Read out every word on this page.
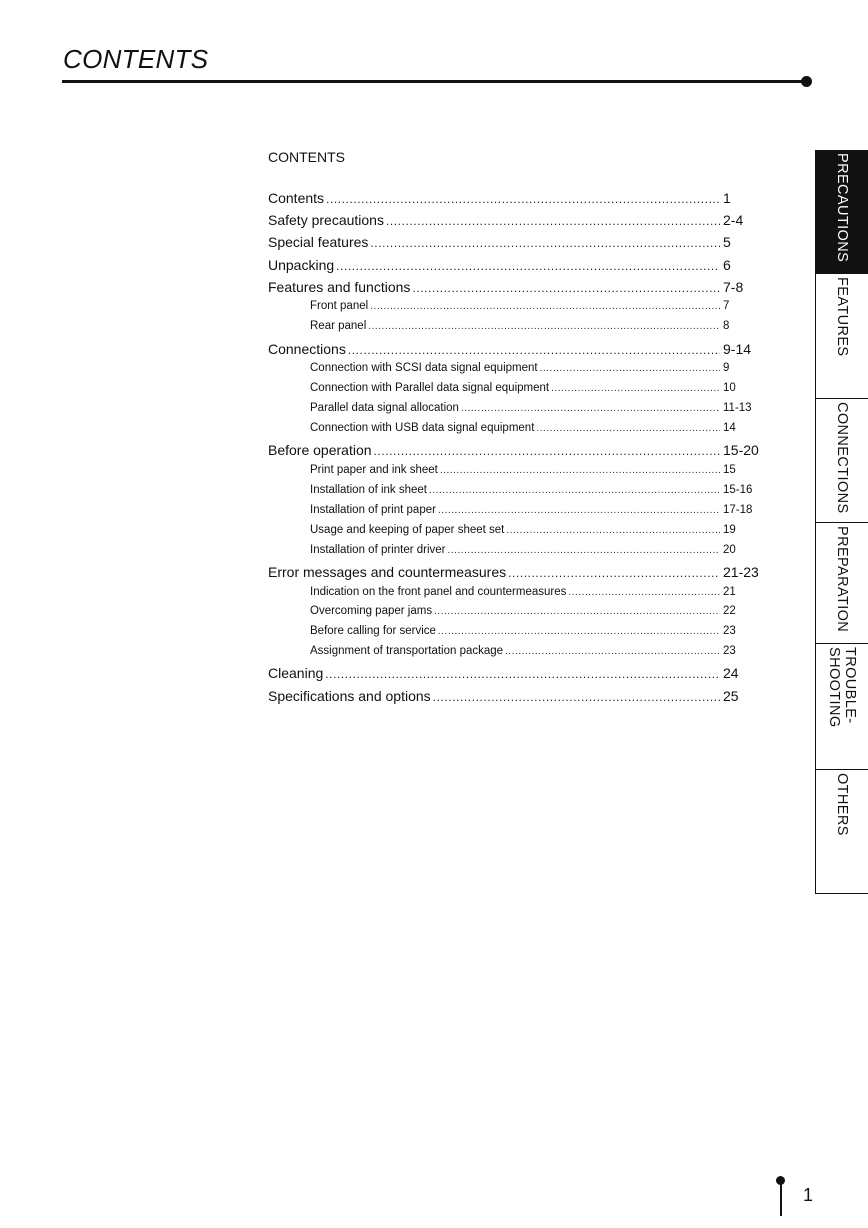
CONTENTS
CONTENTS
Contents .....	1
Safety precautions .....	2-4
Special features .....	5
Unpacking .....	6
Features and functions .....	7-8
Front panel .....	7
Rear panel .....	8
Connections .....	9-14
Connection with SCSI data signal equipment .....	9
Connection with Parallel data signal equipment .....	10
Parallel data signal allocation .....	11-13
Connection with USB data signal equipment .....	14
Before operation .....	15-20
Print paper and ink sheet .....	15
Installation of ink sheet .....	15-16
Installation of print paper .....	17-18
Usage and keeping of paper sheet set .....	19
Installation of printer driver .....	20
Error messages and countermeasures .....	21-23
Indication on the front panel and countermeasures .....	21
Overcoming paper jams .....	22
Before calling for service .....	23
Assignment of transportation package .....	23
Cleaning .....	24
Specifications and options .....	25
PRECAUTIONS
FEATURES
CONNECTIONS
PREPARATION
TROUBLE-
SHOOTING
OTHERS
1
